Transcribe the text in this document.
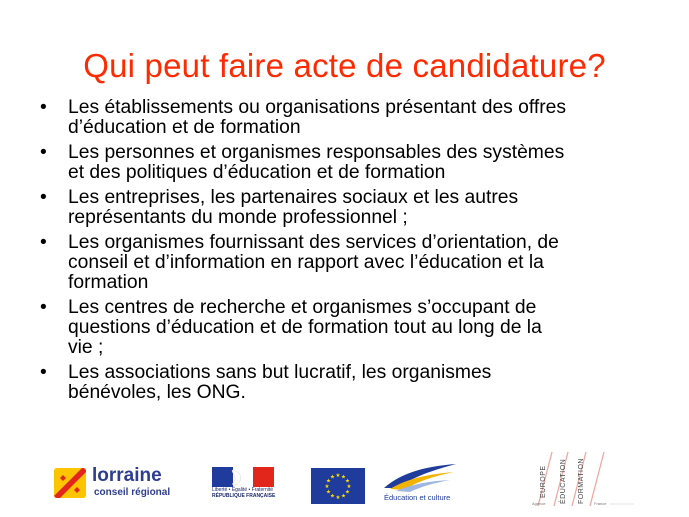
Qui peut faire acte de candidature?
•	Les établissements ou organisations présentant des offres
d’éducation et de formation
•	Les personnes et organismes responsables des systèmes
et des politiques d’éducation et de formation
•	Les entreprises, les partenaires sociaux et les autres
représentants du monde professionnel ;
•	Les organismes fournissant des services d’orientation, de
conseil et d’information en rapport avec l’éducation et la
formation
•	Les centres de recherche et organismes s’occupant de
questions d’éducation et de formation tout au long de la
vie ;
•	Les associations sans but lucratif, les organismes
bénévoles, les ONG.
lorraine
conseil régional	Liberté • Égalité • Fraternité
RÉPUBLIQUE FRANÇAISE
★
★
★
★
★
★
★
★
★ ★ ★
★
Éducation et culture	EUROPE ÉDUCATION FORMATION
Agence	France
